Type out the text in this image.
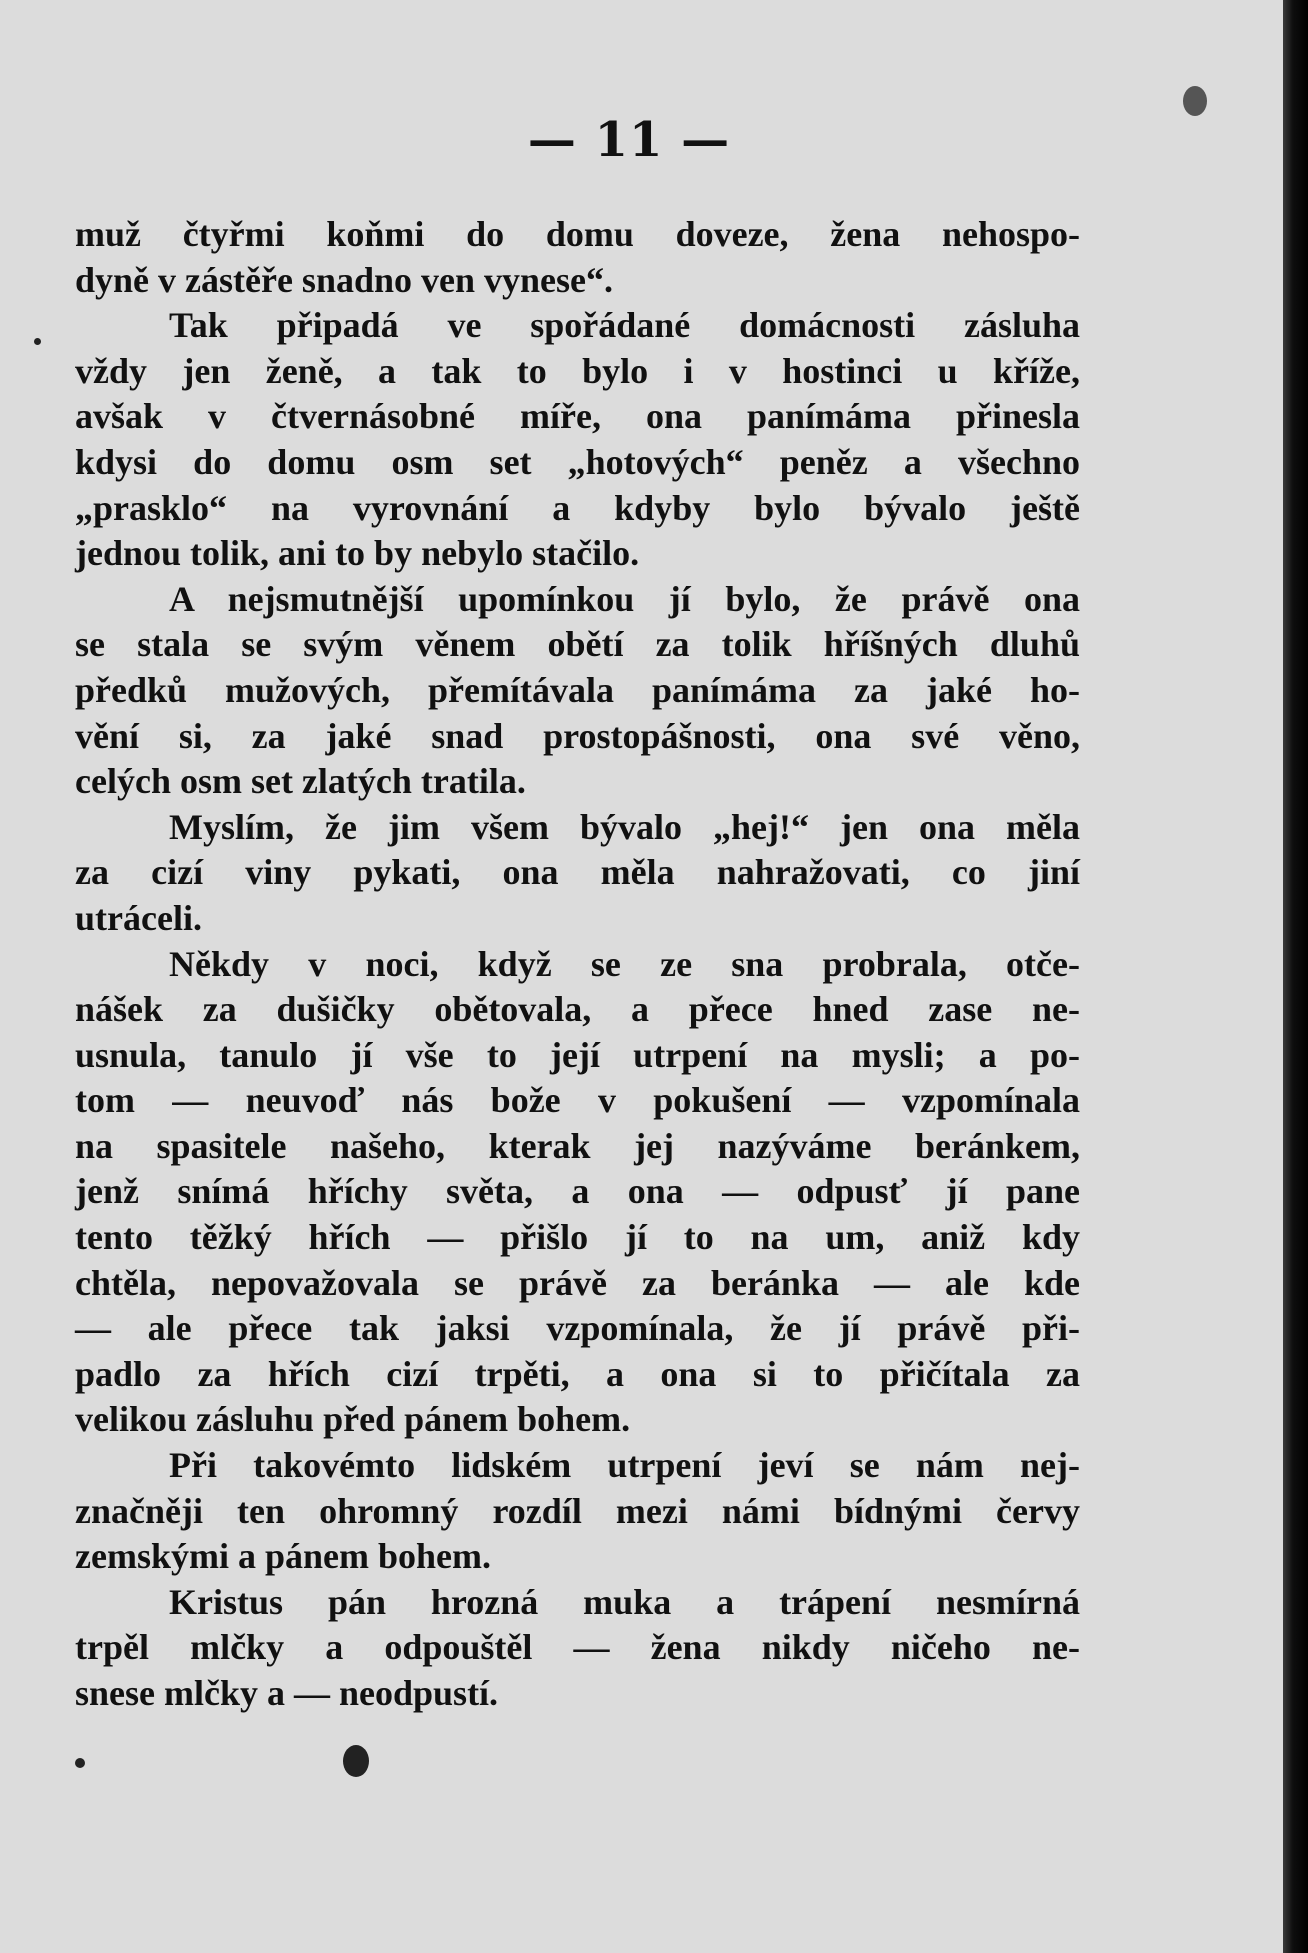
— 11 —
muž čtyřmi koňmi do domu doveze, žena nehospo-
dyně v zástěře snadno ven vynese“.
Tak připadá ve spořádané domácnosti zásluha
vždy jen ženě, a tak to bylo i v hostinci u kříže,
avšak v čtvernásobné míře, ona panímáma přinesla
kdysi do domu osm set „hotových“ peněz a všechno
„prasklo“ na vyrovnání a kdyby bylo bývalo ještě
jednou tolik, ani to by nebylo stačilo.
A nejsmutnější upomínkou jí bylo, že právě ona
se stala se svým věnem obětí za tolik hříšných dluhů
předků mužových, přemítávala panímáma za jaké ho-
vění si, za jaké snad prostopášnosti, ona své věno,
celých osm set zlatých tratila.
Myslím, že jim všem bývalo „hej!“ jen ona měla
za cizí viny pykati, ona měla nahražovati, co jiní
utráceli.
Někdy v noci, když se ze sna probrala, otče-
nášek za dušičky obětovala, a přece hned zase ne-
usnula, tanulo jí vše to její utrpení na mysli; a po-
tom — neuvoď nás bože v pokušení — vzpomínala
na spasitele našeho, kterak jej nazýváme beránkem,
jenž snímá hříchy světa, a ona — odpusť jí pane
tento těžký hřích — přišlo jí to na um, aniž kdy
chtěla, nepovažovala se právě za beránka — ale kde
— ale přece tak jaksi vzpomínala, že jí právě při-
padlo za hřích cizí trpěti, a ona si to přičítala za
velikou zásluhu před pánem bohem.
Při takovémto lidském utrpení jeví se nám nej-
značněji ten ohromný rozdíl mezi námi bídnými červy
zemskými a pánem bohem.
Kristus pán hrozná muka a trápení nesmírná
trpěl mlčky a odpouštěl — žena nikdy ničeho ne-
snese mlčky a — neodpustí.
